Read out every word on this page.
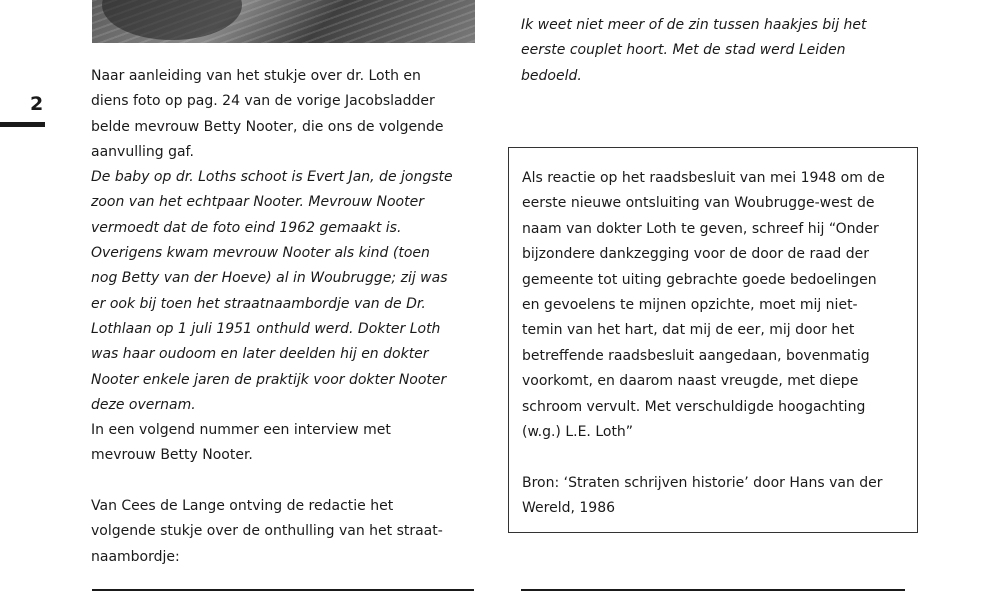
2

Naar aanleiding van het stukje over dr. Loth en

diens foto op pag. 24 van de vorige Jacobsladder

belde mevrouw Betty Nooter, die ons de volgende

aanvulling gaf.

De baby op dr. Loths schoot is Evert Jan, de jongste

zoon van het echtpaar Nooter. Mevrouw Nooter

vermoedt dat de foto eind 1962 gemaakt is.

Overigens kwam mevrouw Nooter als kind (toen

nog Betty van der Hoeve) al in Woubrugge; zij was

er ook bij toen het straatnaambordje van de Dr.

Lothlaan op 1 juli 1951 onthuld werd. Dokter Loth

was haar oudoom en later deelden hij en dokter

Nooter enkele jaren de praktijk voor dokter Nooter

deze overnam.

In een volgend nummer een interview met

mevrouw Betty Nooter.

Van Cees de Lange ontving de redactie het

volgende stukje over de onthulling van het straat-

naambordje:

Ik weet niet meer of de zin tussen haakjes bij het

eerste couplet hoort. Met de stad werd Leiden

bedoeld.

Als reactie op het raadsbesluit van mei 1948 om de

eerste nieuwe ontsluiting van Woubrugge-west de

naam van dokter Loth te geven, schreef hij “Onder

bijzondere dankzegging voor de door de raad der

gemeente tot uiting gebrachte goede bedoelingen

en gevoelens te mijnen opzichte, moet mij niet-

temin van het hart, dat mij de eer, mij door het

betreffende raadsbesluit aangedaan, bovenmatig

voorkomt, en daarom naast vreugde, met diepe

schroom vervult. Met verschuldigde hoogachting

(w.g.) L.E. Loth”

Bron: ‘Straten schrijven historie’ door Hans van der

Wereld, 1986
